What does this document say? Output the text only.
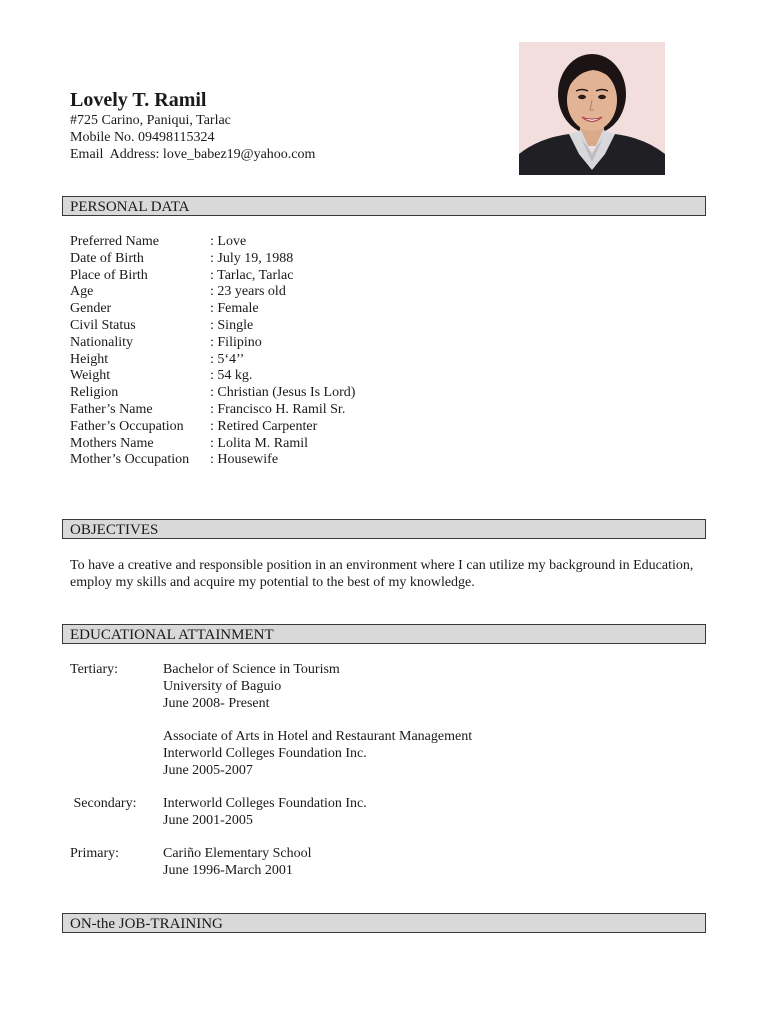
Lovely T. Ramil
#725 Carino, Paniqui, Tarlac
Mobile No. 09498115324
Email  Address: love_babez19@yahoo.com
PERSONAL DATA
Preferred Name	: Love
Date of Birth	: July 19, 1988
Place of Birth	: Tarlac, Tarlac
Age	: 23 years old
Gender	: Female
Civil Status	: Single
Nationality	: Filipino
Height	: 5‘4’’
Weight	: 54 kg.
Religion	: Christian (Jesus Is Lord)
Father’s Name	: Francisco H. Ramil Sr.
Father’s Occupation	: Retired Carpenter
Mothers Name	: Lolita M. Ramil
Mother’s Occupation	: Housewife
OBJECTIVES
To have a creative and responsible position in an environment where I can utilize my background in Education, employ my skills and acquire my potential to the best of my knowledge.
EDUCATIONAL ATTAINMENT
Tertiary:	Bachelor of Science in Tourism
University of Baguio
June 2008- Present
Associate of Arts in Hotel and Restaurant Management
Interworld Colleges Foundation Inc.
June 2005-2007
Secondary: Interworld Colleges Foundation Inc.
June 2001-2005
Primary:	Cariño Elementary School
June 1996-March 2001
ON-the JOB-TRAINING
